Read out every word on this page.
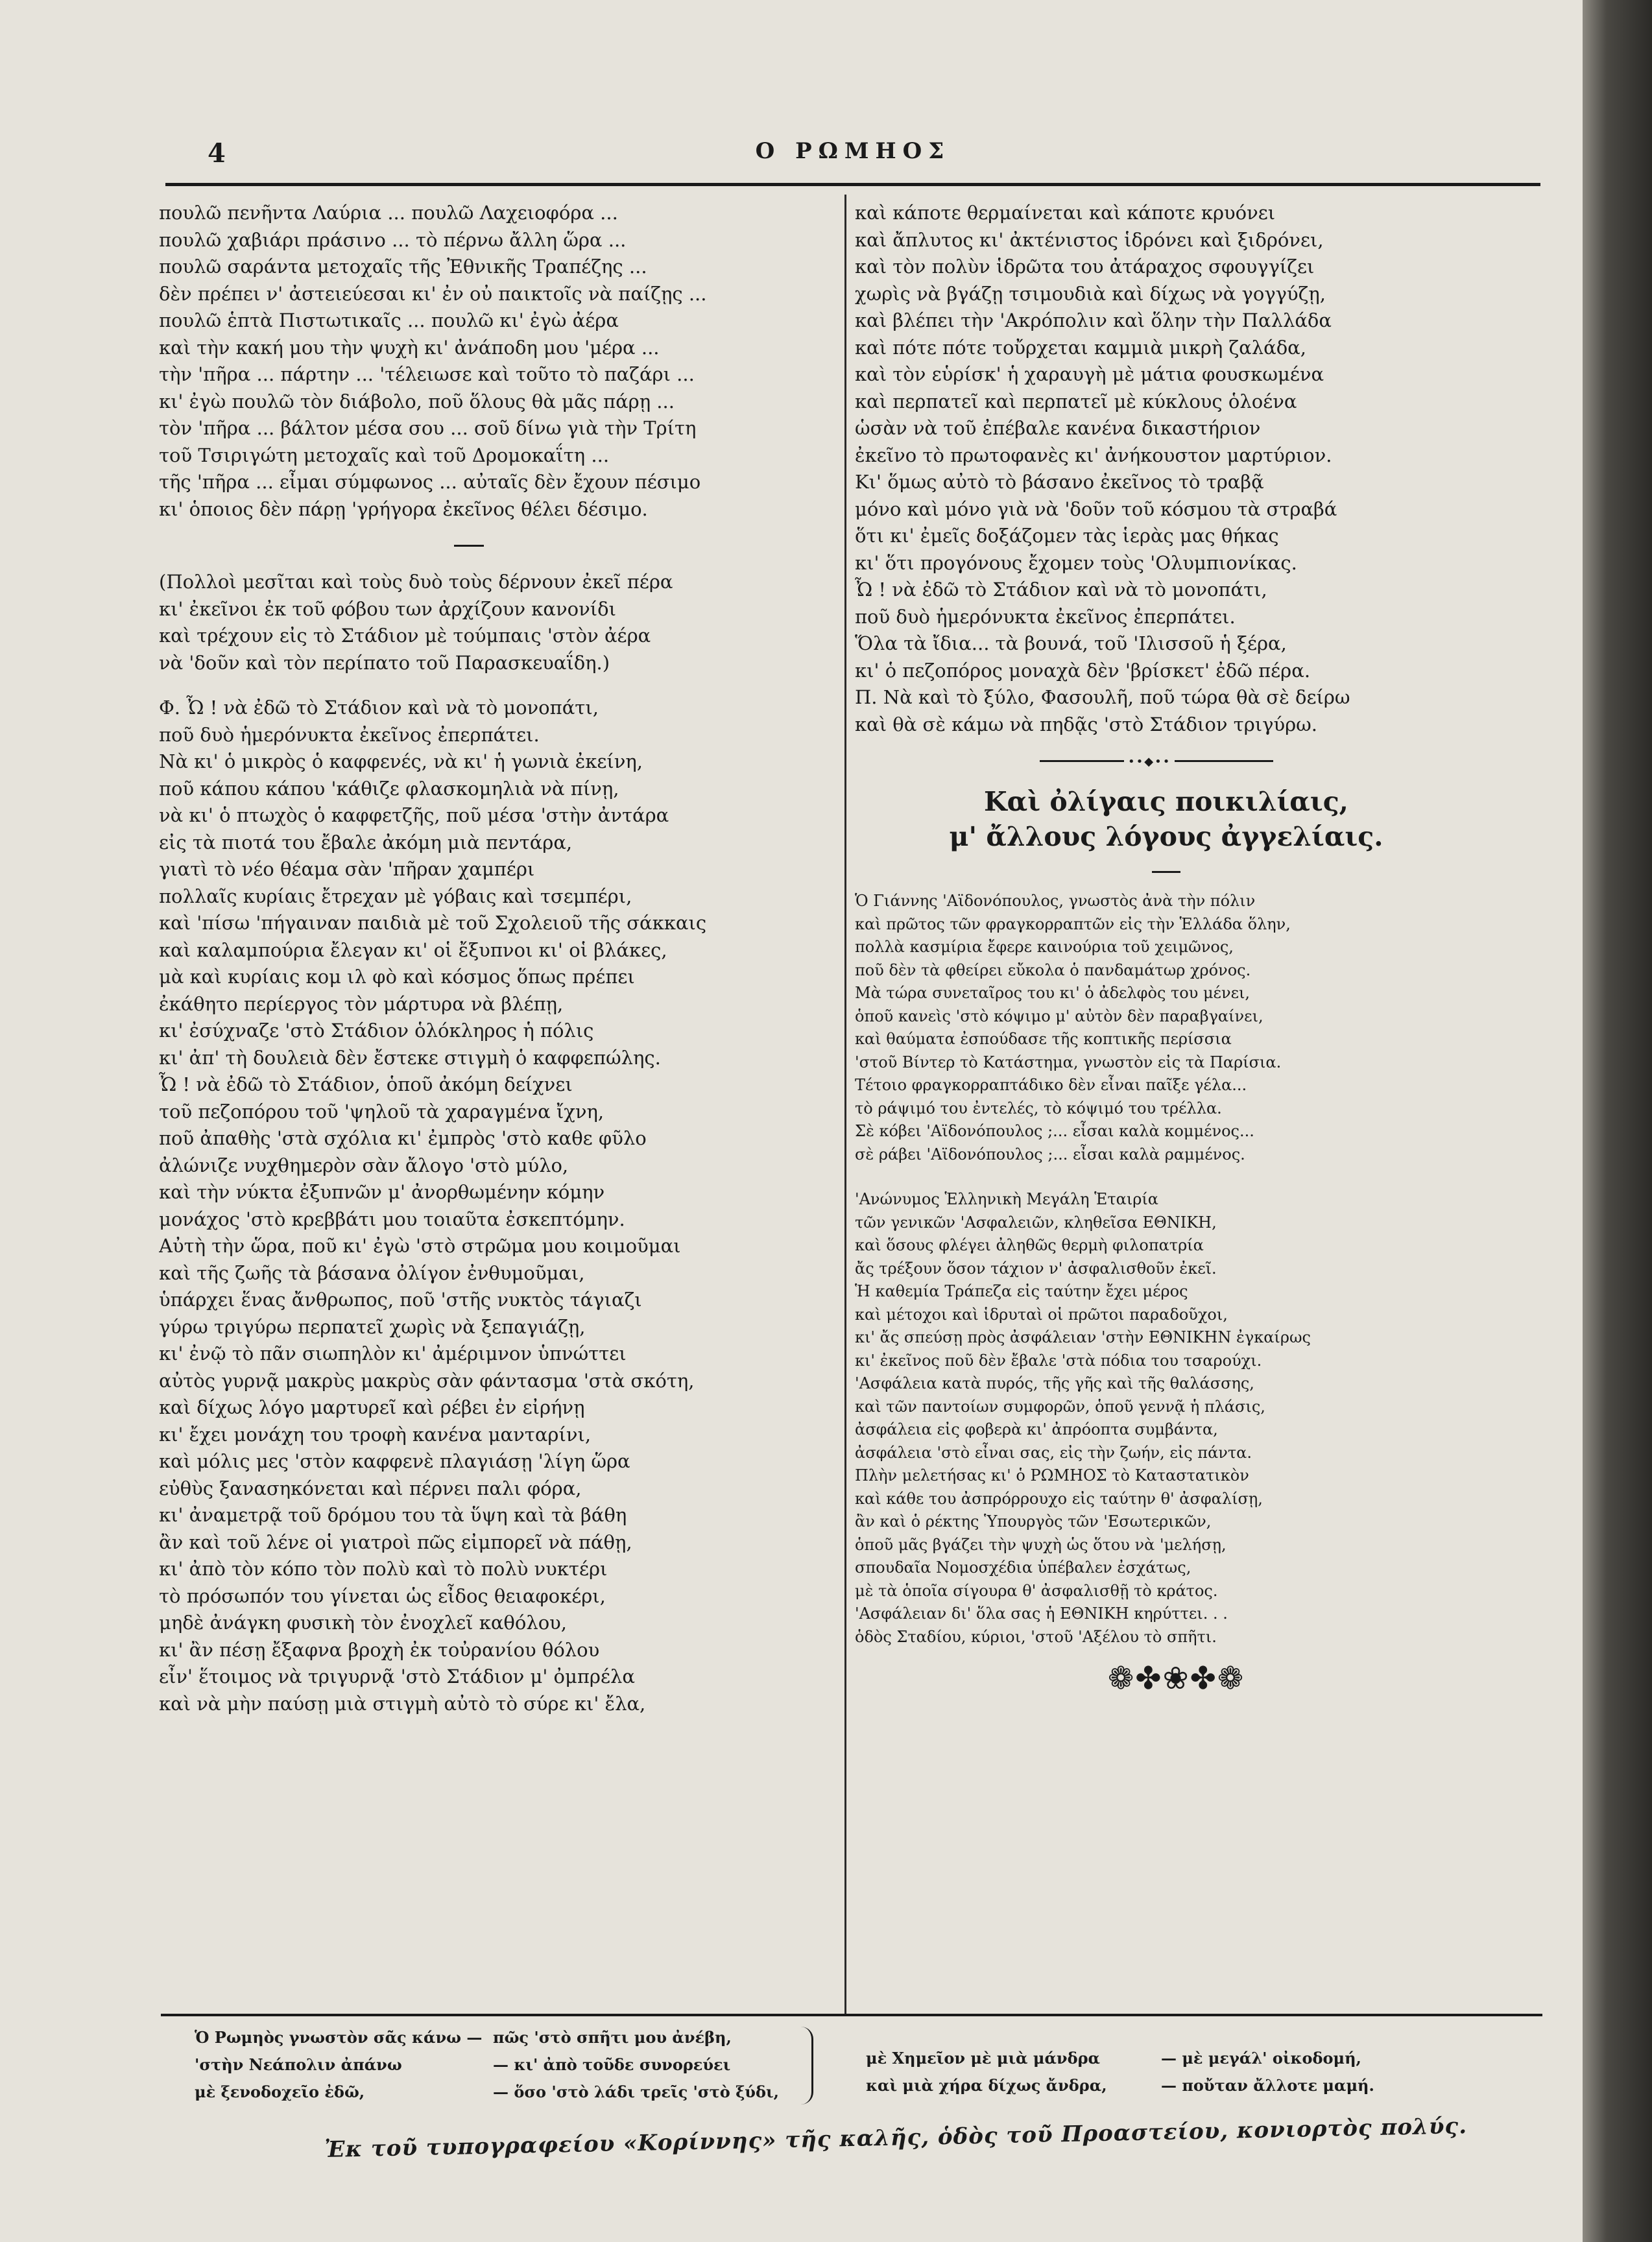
4	Ο ΡΩΜΗΟΣ
πουλῶ πενῆντα Λαύρια ... πουλῶ Λαχειοφόρα ...
πουλῶ χαβιάρι πράσινο ... τὸ πέρνω ἄλλη ὥρα ...
πουλῶ σαράντα μετοχαῖς τῆς Ἐθνικῆς Τραπέζης ...
δὲν πρέπει ν' ἀστειεύεσαι κι' ἐν οὐ παικτοῖς νὰ παίζῃς ...
πουλῶ ἑπτὰ Πιστωτικαῖς ... πουλῶ κι' ἐγὼ ἀέρα
καὶ τὴν κακή μου τὴν ψυχὴ κι' ἀνάποδη μου 'μέρα ...
τὴν 'πῆρα ... πάρτην ... 'τέλειωσε καὶ τοῦτο τὸ παζάρι ...
κι' ἐγὼ πουλῶ τὸν διάβολο, ποῦ ὅλους θὰ μᾶς πάρῃ ...
τὸν 'πῆρα ... βάλτον μέσα σου ... σοῦ δίνω γιὰ τὴν Τρίτη
τοῦ Τσιριγώτη μετοχαῖς καὶ τοῦ Δρομοκαΐτη ...
τῆς 'πῆρα ... εἶμαι σύμφωνος ... αὐταῖς δὲν ἔχουν πέσιμο
κι' ὁποιος δὲν πάρῃ 'γρήγορα ἐκεῖνος θέλει δέσιμο.
(Πολλοὶ μεσῖται καὶ τοὺς δυὸ τοὺς δέρνουν ἐκεῖ πέρα
κι' ἐκεῖνοι ἐκ τοῦ φόβου των ἀρχίζουν κανονίδι
καὶ τρέχουν εἰς τὸ Στάδιον μὲ τούμπαις 'στὸν ἀέρα
νὰ 'δοῦν καὶ τὸν περίπατο τοῦ Παρασκευαΐδη.)
Φ. Ὦ ! νὰ ἐδῶ τὸ Στάδιον καὶ νὰ τὸ μονοπάτι,
ποῦ δυὸ ἡμερόνυκτα ἐκεῖνος ἐπερπάτει.
Νὰ κι' ὁ μικρὸς ὁ καφφενές, νὰ κι' ἡ γωνιὰ ἐκείνη,
ποῦ κάπου κάπου 'κάθιζε φλασκομηλιὰ νὰ πίνῃ,
νὰ κι' ὁ πτωχὸς ὁ καφφετζῆς, ποῦ μέσα 'στὴν ἀντάρα
εἰς τὰ πιοτά του ἔβαλε ἀκόμη μιὰ πεντάρα,
γιατὶ τὸ νέο θέαμα σὰν 'πῆραν χαμπέρι
πολλαῖς κυρίαις ἔτρεχαν μὲ γόβαις καὶ τσεμπέρι,
καὶ 'πίσω 'πήγαιναν παιδιὰ μὲ τοῦ Σχολειοῦ τῆς σάκκαις
καὶ καλαμπούρια ἔλεγαν κι' οἱ ἔξυπνοι κι' οἱ βλάκες,
μὰ καὶ κυρίαις κομ ιλ φὸ καὶ κόσμος ὅπως πρέπει
ἐκάθητο περίεργος τὸν μάρτυρα νὰ βλέπῃ,
κι' ἐσύχναζε 'στὸ Στάδιον ὁλόκληρος ἡ πόλις
κι' ἀπ' τὴ δουλειὰ δὲν ἔστεκε στιγμὴ ὁ καφφεπώλης.
Ὦ ! νὰ ἐδῶ τὸ Στάδιον, ὁποῦ ἀκόμη δείχνει
τοῦ πεζοπόρου τοῦ 'ψηλοῦ τὰ χαραγμένα ἴχνη,
ποῦ ἀπαθὴς 'στὰ σχόλια κι' ἐμπρὸς 'στὸ καθε φῦλο
ἀλώνιζε νυχθημερὸν σὰν ἄλογο 'στὸ μύλο,
καὶ τὴν νύκτα ἐξυπνῶν μ' ἀνορθωμένην κόμην
μονάχος 'στὸ κρεββάτι μου τοιαῦτα ἐσκεπτόμην.
Αὐτὴ τὴν ὥρα, ποῦ κι' ἐγὼ 'στὸ στρῶμα μου κοιμοῦμαι
καὶ τῆς ζωῆς τὰ βάσανα ὀλίγον ἐνθυμοῦμαι,
ὑπάρχει ἕνας ἄνθρωπος, ποῦ 'στῆς νυκτὸς τάγιαζι
γύρω τριγύρω περπατεῖ χωρὶς νὰ ξεπαγιάζῃ,
κι' ἐνῷ τὸ πᾶν σιωπηλὸν κι' ἀμέριμνον ὑπνώττει
αὐτὸς γυρνᾷ μακρὺς μακρὺς σὰν φάντασμα 'στὰ σκότη,
καὶ δίχως λόγο μαρτυρεῖ καὶ ρέβει ἐν εἰρήνῃ
κι' ἔχει μονάχη του τροφὴ κανένα μανταρίνι,
καὶ μόλις μες 'στὸν καφφενὲ πλαγιάσῃ 'λίγη ὥρα
εὐθὺς ξανασηκόνεται καὶ πέρνει παλι φόρα,
κι' ἀναμετρᾷ τοῦ δρόμου του τὰ ὕψη καὶ τὰ βάθη
ἂν καὶ τοῦ λένε οἱ γιατροὶ πῶς εἰμπορεῖ νὰ πάθῃ,
κι' ἀπὸ τὸν κόπο τὸν πολὺ καὶ τὸ πολὺ νυκτέρι
τὸ πρόσωπόν του γίνεται ὡς εἶδος θειαφοκέρι,
μηδὲ ἀνάγκη φυσικὴ τὸν ἐνοχλεῖ καθόλου,
κι' ἂν πέσῃ ἔξαφνα βροχὴ ἐκ τοὐρανίου θόλου
εἶν' ἕτοιμος νὰ τριγυρνᾷ 'στὸ Στάδιον μ' ὀμπρέλα
καὶ νὰ μὴν παύσῃ μιὰ στιγμὴ αὐτὸ τὸ σύρε κι' ἔλα,
καὶ κάποτε θερμαίνεται καὶ κάποτε κρυόνει
καὶ ἄπλυτος κι' ἀκτένιστος ἱδρόνει καὶ ξιδρόνει,
καὶ τὸν πολὺν ἱδρῶτα του ἀτάραχος σφουγγίζει
χωρὶς νὰ βγάζῃ τσιμουδιὰ καὶ δίχως νὰ γογγύζῃ,
καὶ βλέπει τὴν 'Ακρόπολιν καὶ ὅλην τὴν Παλλάδα
καὶ πότε πότε τοὔρχεται καμμιὰ μικρὴ ζαλάδα,
καὶ τὸν εὑρίσκ' ἡ χαραυγὴ μὲ μάτια φουσκωμένα
καὶ περπατεῖ καὶ περπατεῖ μὲ κύκλους ὁλοένα
ὡσὰν νὰ τοῦ ἐπέβαλε κανένα δικαστήριον
ἐκεῖνο τὸ πρωτοφανὲς κι' ἀνήκουστον μαρτύριον.
Κι' ὅμως αὐτὸ τὸ βάσανο ἐκεῖνος τὸ τραβᾷ
μόνο καὶ μόνο γιὰ νὰ 'δοῦν τοῦ κόσμου τὰ στραβά
ὅτι κι' ἐμεῖς δοξάζομεν τὰς ἱερὰς μας θήκας
κι' ὅτι προγόνους ἔχομεν τοὺς 'Ολυμπιονίκας.
Ὦ ! νὰ ἐδῶ τὸ Στάδιον καὶ νὰ τὸ μονοπάτι,
ποῦ δυὸ ἡμερόνυκτα ἐκεῖνος ἐπερπάτει.
Ὅλα τὰ ἴδια... τὰ βουνά, τοῦ 'Ιλισσοῦ ἡ ξέρα,
κι' ὁ πεζοπόρος μοναχὰ δὲν 'βρίσκετ' ἐδῶ πέρα.
Π. Νὰ καὶ τὸ ξύλο, Φασουλῆ, ποῦ τώρα θὰ σὲ δείρω
καὶ θὰ σὲ κάμω νὰ πηδᾷς 'στὸ Στάδιον τριγύρω.
••◆••
Καὶ ὀλίγαις ποικιλίαις,
μ' ἄλλους λόγους ἀγγελίαις.
Ὁ Γιάννης 'Αϊδονόπουλος, γνωστὸς ἀνὰ τὴν πόλιν
καὶ πρῶτος τῶν φραγκορραπτῶν εἰς τὴν Ἑλλάδα ὅλην,
πολλὰ κασμίρια ἔφερε καινούρια τοῦ χειμῶνος,
ποῦ δὲν τὰ φθείρει εὔκολα ὁ πανδαμάτωρ χρόνος.
Μὰ τώρα συνεταῖρος του κι' ὁ ἀδελφὸς του μένει,
ὁποῦ κανεὶς 'στὸ κόψιμο μ' αὐτὸν δὲν παραβγαίνει,
καὶ θαύματα ἐσπούδασε τῆς κοπτικῆς περίσσια
'στοῦ Βίντερ τὸ Κατάστημα, γνωστὸν εἰς τὰ Παρίσια.
Τέτοιο φραγκορραπτάδικο δὲν εἶναι παῖξε γέλα...
τὸ ράψιμό του ἐντελές, τὸ κόψιμό του τρέλλα.
Σὲ κόβει 'Αϊδονόπουλος ;... εἶσαι καλὰ κομμένος...
σὲ ράβει 'Αϊδονόπουλος ;... εἶσαι καλὰ ραμμένος.
'Ανώνυμος Ἑλληνικὴ Μεγάλη Ἑταιρία
τῶν γενικῶν 'Ασφαλειῶν, κληθεῖσα ΕΘΝΙΚΗ,
καὶ ὅσους φλέγει ἀληθῶς θερμὴ φιλοπατρία
ἄς τρέξουν ὅσον τάχιον ν' ἀσφαλισθοῦν ἐκεῖ.
Ἡ καθεμία Τράπεζα εἰς ταύτην ἔχει μέρος
καὶ μέτοχοι καὶ ἱδρυταὶ οἱ πρῶτοι παραδοῦχοι,
κι' ἄς σπεύσῃ πρὸς ἀσφάλειαν 'στὴν ΕΘΝΙΚΗΝ ἐγκαίρως
κι' ἐκεῖνος ποῦ δὲν ἔβαλε 'στὰ πόδια του τσαρούχι.
'Ασφάλεια κατὰ πυρός, τῆς γῆς καὶ τῆς θαλάσσης,
καὶ τῶν παντοίων συμφορῶν, ὁποῦ γεννᾷ ἡ πλάσις,
ἀσφάλεια εἰς φοβερὰ κι' ἀπρόοπτα συμβάντα,
ἀσφάλεια 'στὸ εἶναι σας, εἰς τὴν ζωήν, εἰς πάντα.
Πλὴν μελετήσας κι' ὁ ΡΩΜΗΟΣ τὸ Καταστατικὸν
καὶ κάθε του ἀσπρόρρουχο εἰς ταύτην θ' ἀσφαλίσῃ,
ἂν καὶ ὁ ρέκτης Ὑπουργὸς τῶν 'Εσωτερικῶν,
ὁποῦ μᾶς βγάζει τὴν ψυχὴ ὡς ὅτου νὰ 'μελήσῃ,
σπουδαῖα Νομοσχέδια ὑπέβαλεν ἐσχάτως,
μὲ τὰ ὁποῖα σίγουρα θ' ἀσφαλισθῇ τὸ κράτος.
'Ασφάλειαν δι' ὅλα σας ἡ ΕΘΝΙΚΗ κηρύττει. . .
ὁδὸς Σταδίου, κύριοι, 'στοῦ 'Αξέλου τὸ σπῆτι.
❁✤❀✤❁
Ὁ Ρωμηὸς γνωστὸν σᾶς κάνω —
'στὴν Νεάπολιν ἀπάνω
μὲ ξενοδοχεῖο ἐδῶ,
πῶς 'στὸ σπῆτι μου ἀνέβη,
— κι' ἀπὸ τοῦδε συνορεύει
— ὅσο 'στὸ λάδι τρεῖς 'στὸ ξύδι,
μὲ Χημεῖον μὲ μιὰ μάνδρα
καὶ μιὰ χήρα δίχως ἄνδρα,
— μὲ μεγάλ' οἰκοδομή,
— ποὔταν ἄλλοτε μαμή.
Ἐκ τοῦ τυπογραφείου «Κορίννης» τῆς καλῆς, ὁδὸς τοῦ Προαστείου, κονιορτὸς πολύς.
